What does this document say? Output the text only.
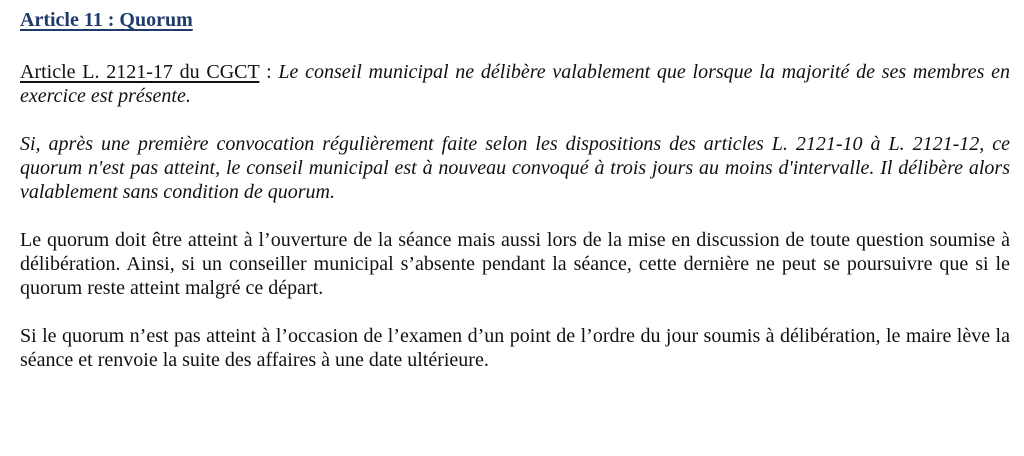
Article 11 : Quorum

Article L. 2121-17 du CGCT : Le conseil municipal ne délibère valablement que lorsque la majorité de ses membres en exercice est présente.

Si, après une première convocation régulièrement faite selon les dispositions des articles L. 2121-10 à L. 2121-12, ce quorum n'est pas atteint, le conseil municipal est à nouveau convoqué à trois jours au moins d'intervalle. Il délibère alors valablement sans condition de quorum.

Le quorum doit être atteint à l’ouverture de la séance mais aussi lors de la mise en discussion de toute question soumise à délibération. Ainsi, si un conseiller municipal s’absente pendant la séance, cette dernière ne peut se poursuivre que si le quorum reste atteint malgré ce départ.

Si le quorum n’est pas atteint à l’occasion de l’examen d’un point de l’ordre du jour soumis à délibération, le maire lève la séance et renvoie la suite des affaires à une date ultérieure.
